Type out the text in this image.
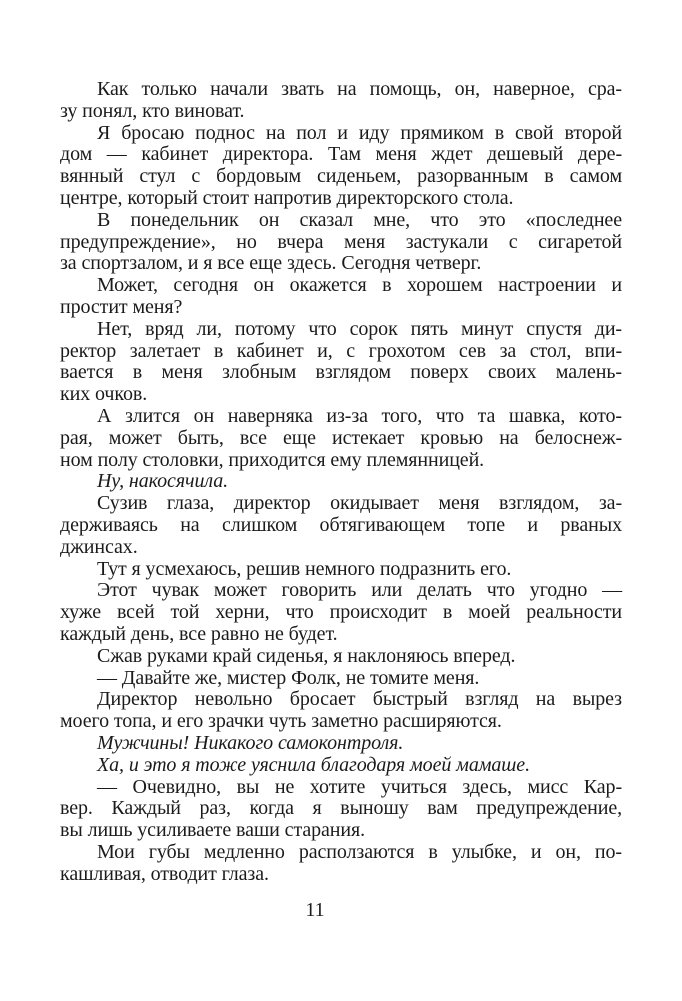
Как только начали звать на помощь, он, наверное, сра-
зу понял, кто виноват.
Я бросаю поднос на пол и иду прямиком в свой второй
дом — кабинет директора. Там меня ждет дешевый дере-
вянный стул с бордовым сиденьем, разорванным в самом
центре, который стоит напротив директорского стола.
В понедельник он сказал мне, что это «последнее
предупреждение», но вчера меня застукали с сигаретой
за спортзалом, и я все еще здесь. Сегодня четверг.
Может, сегодня он окажется в хорошем настроении и
простит меня?
Нет, вряд ли, потому что сорок пять минут спустя ди-
ректор залетает в кабинет и, с грохотом сев за стол, впи-
вается в меня злобным взглядом поверх своих малень-
ких очков.
А злится он наверняка из-за того, что та шавка, кото-
рая, может быть, все еще истекает кровью на белоснеж-
ном полу столовки, приходится ему племянницей.
Ну, накосячила.
Сузив глаза, директор окидывает меня взглядом, за-
держиваясь на слишком обтягивающем топе и рваных
джинсах.
Тут я усмехаюсь, решив немного подразнить его.
Этот чувак может говорить или делать что угодно —
хуже всей той херни, что происходит в моей реальности
каждый день, все равно не будет.
Сжав руками край сиденья, я наклоняюсь вперед.
— Давайте же, мистер Фолк, не томите меня.
Директор невольно бросает быстрый взгляд на вырез
моего топа, и его зрачки чуть заметно расширяются.
Мужчины! Никакого самоконтроля.
Ха, и это я тоже уяснила благодаря моей мамаше.
— Очевидно, вы не хотите учиться здесь, мисс Кар-
вер. Каждый раз, когда я выношу вам предупреждение,
вы лишь усиливаете ваши старания.
Мои губы медленно расползаются в улыбке, и он, по-
кашливая, отводит глаза.
11
